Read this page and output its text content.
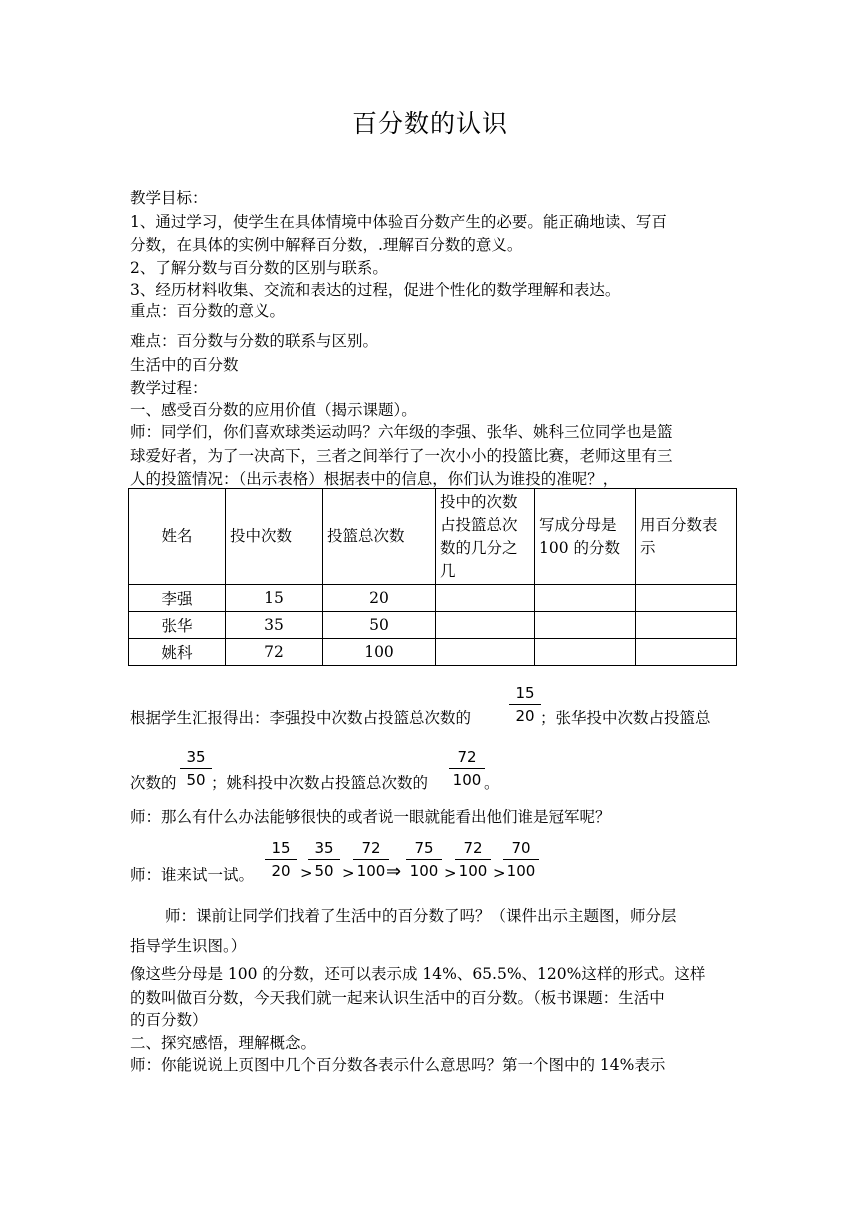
百分数的认识
教学目标：
1、通过学习，使学生在具体情境中体验百分数产生的必要。能正确地读、写百
分数，在具体的实例中解释百分数，.理解百分数的意义。
2、了解分数与百分数的区别与联系。
3、经历材料收集、交流和表达的过程，促进个性化的数学理解和表达。
重点：百分数的意义。
难点：百分数与分数的联系与区别。
生活中的百分数
教学过程：
一、感受百分数的应用价值（揭示课题）。
师：同学们，你们喜欢球类运动吗？六年级的李强、张华、姚科三位同学也是篮
球爱好者，为了一决高下，三者之间举行了一次小小的投篮比赛，老师这里有三
人的投篮情况：（出示表格）根据表中的信息，你们认为谁投的准呢？，
姓名	投中次数	投篮总次数	投中的次数占投篮总次数的几分之几	写成分母是100 的分数	用百分数表示
李强	15	20			
张华	35	50			
姚科	72	100			
根据学生汇报得出：李强投中次数占投篮总次数的	$\frac{15}{20}$ ；张华投中次数占投篮总
次数的 $\frac{35}{50}$ ；姚科投中次数占投篮总次数的 $\frac{72}{100}$ 。
师：那么有什么办法能够很快的或者说一眼就能看出他们谁是冠军呢？
师：谁来试一试。 $\frac{15}{20}$ >
$\frac{35}{50}$ >
$\frac{72}{100}$
⇒ $\frac{75}{100}$ >
$\frac{72}{100}$ >
$\frac{70}{100}$
师：课前让同学们找着了生活中的百分数了吗？（课件出示主题图，师分层
指导学生识图。）
像这些分母是 100 的分数，还可以表示成 14%、65.5%、120%这样的形式。这样
的数叫做百分数，今天我们就一起来认识生活中的百分数。（板书课题：生活中
的百分数）
二、探究感悟，理解概念。
师：你能说说上页图中几个百分数各表示什么意思吗？第一个图中的 14%表示
